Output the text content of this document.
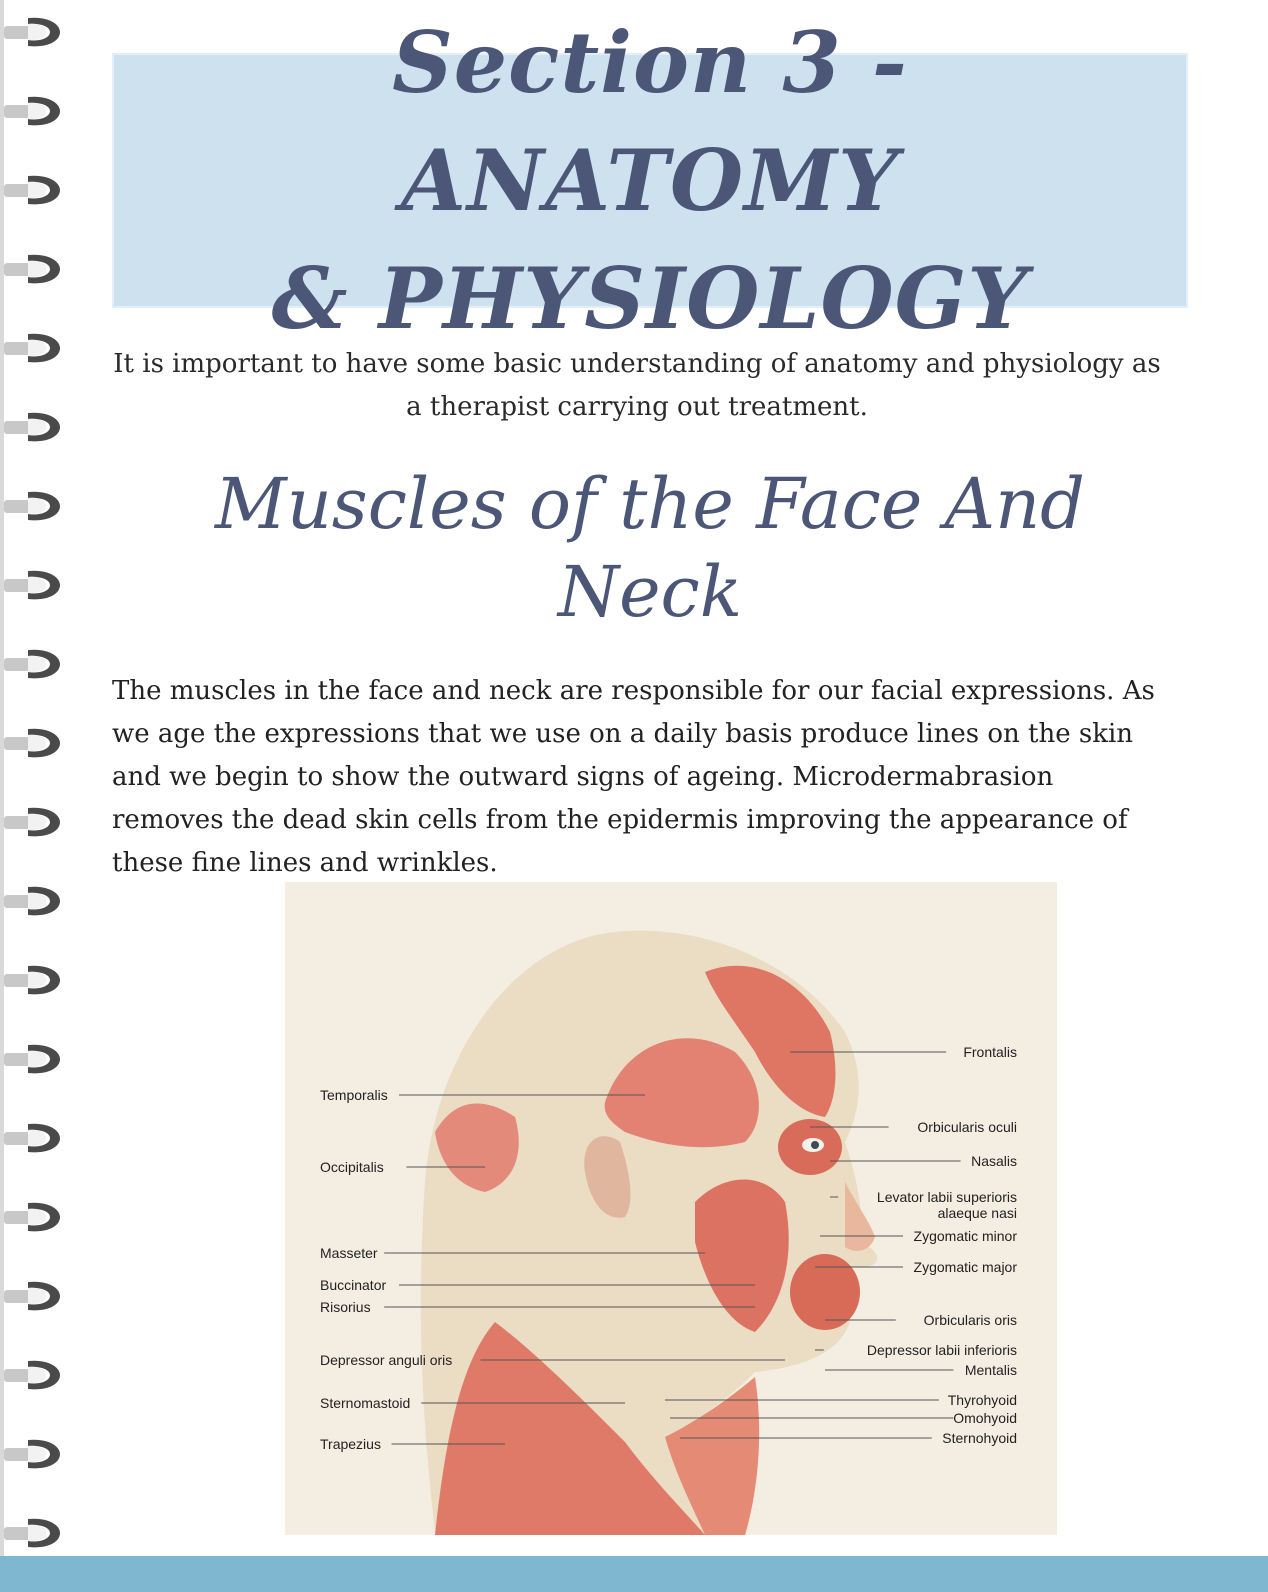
Section 3 - ANATOMY
& PHYSIOLOGY

It is important to have some basic understanding of anatomy and physiology as a therapist carrying out treatment.

Muscles of the Face And
Neck

The muscles in the face and neck are responsible for our facial expressions. As we age the expressions that we use on a daily basis produce lines on the skin and we begin to show the outward signs of ageing. Microdermabrasion removes the dead skin cells from the epidermis improving the appearance of these fine lines and wrinkles.

Temporalis
Occipitalis
Masseter
Buccinator
Risorius
Depressor anguli oris
Sternomastoid
Trapezius
Frontalis
Orbicularis oculi
Nasalis
Levator labii superioris
alaeque nasi
Zygomatic minor
Zygomatic major
Orbicularis oris
Depressor labii inferioris
Mentalis
Thyrohyoid
Omohyoid
Sternohyoid
